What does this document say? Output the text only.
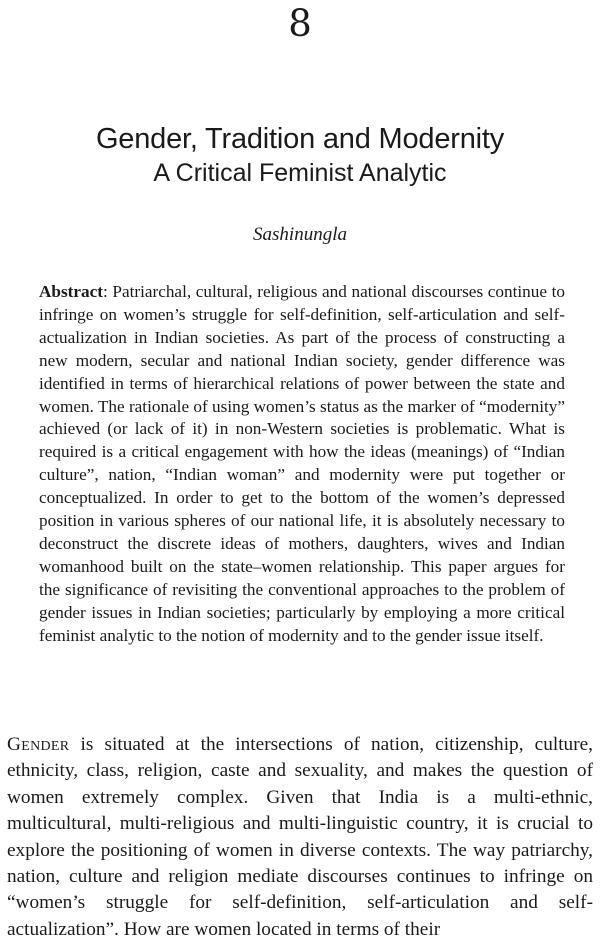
8
Gender, Tradition and Modernity
A Critical Feminist Analytic
Sashinungla

Abstract: Patriarchal, cultural, religious and national discourses continue to infringe on women’s struggle for self-definition, self-articulation and self-actualization in Indian societies. As part of the process of constructing a new modern, secular and national Indian society, gender difference was identified in terms of hierarchical relations of power between the state and women. The rationale of using women’s status as the marker of “modernity” achieved (or lack of it) in non-Western societies is problematic. What is required is a critical engagement with how the ideas (meanings) of “Indian culture”, nation, “Indian woman” and modernity were put together or conceptualized. In order to get to the bottom of the women’s depressed position in various spheres of our national life, it is absolutely necessary to deconstruct the discrete ideas of mothers, daughters, wives and Indian womanhood built on the state–women relationship. This paper argues for the significance of revisiting the conventional approaches to the problem of gender issues in Indian societies; particularly by employing a more critical feminist analytic to the notion of modernity and to the gender issue itself.

Gender is situated at the intersections of nation, citizenship, culture, ethnicity, class, religion, caste and sexuality, and makes the question of women extremely complex. Given that India is a multi-ethnic, multicultural, multi-religious and multi-linguistic country, it is crucial to explore the positioning of women in diverse contexts. The way patriarchy, nation, culture and religion mediate discourses continues to infringe on “women’s struggle for self-definition, self-articulation and self-actualization”. How are women located in terms of their
